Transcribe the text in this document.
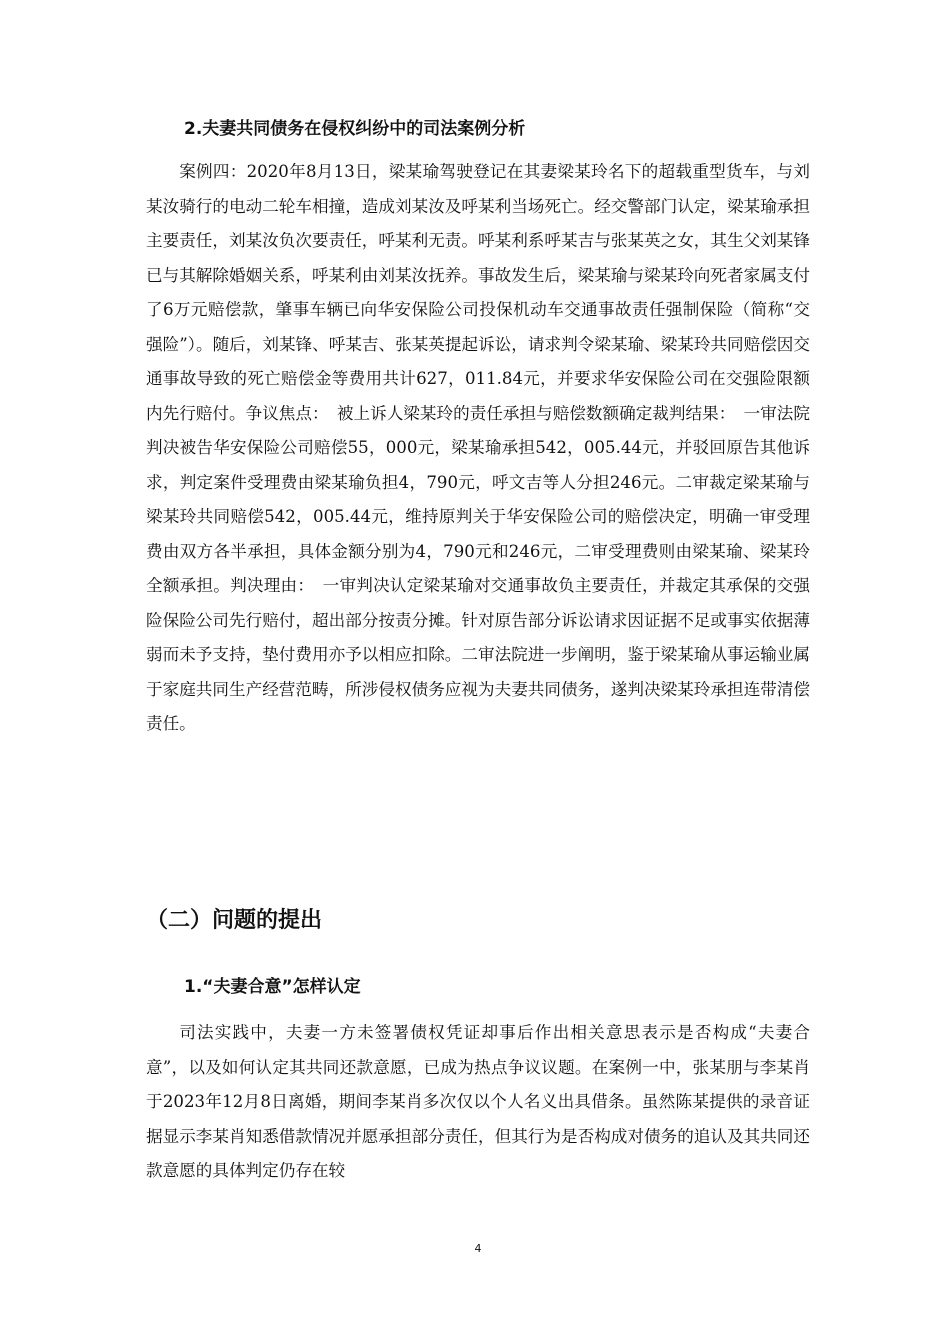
2.夫妻共同债务在侵权纠纷中的司法案例分析

案例四：2020年8月13日，梁某瑜驾驶登记在其妻梁某玲名下的超载重型货车，与刘某汝骑行的电动二轮车相撞，造成刘某汝及呼某利当场死亡。经交警部门认定，梁某瑜承担主要责任，刘某汝负次要责任，呼某利无责。呼某利系呼某吉与张某英之女，其生父刘某锋已与其解除婚姻关系，呼某利由刘某汝抚养。事故发生后，梁某瑜与梁某玲向死者家属支付了6万元赔偿款，肇事车辆已向华安保险公司投保机动车交通事故责任强制保险（简称“交强险”）。随后，刘某锋、呼某吉、张某英提起诉讼，请求判令梁某瑜、梁某玲共同赔偿因交通事故导致的死亡赔偿金等费用共计627，011.84元，并要求华安保险公司在交强险限额内先行赔付。争议焦点：　被上诉人梁某玲的责任承担与赔偿数额确定裁判结果：　一审法院判决被告华安保险公司赔偿55，000元，梁某瑜承担542，005.44元，并驳回原告其他诉求，判定案件受理费由梁某瑜负担4，790元，呼文吉等人分担246元。二审裁定梁某瑜与梁某玲共同赔偿542，005.44元，维持原判关于华安保险公司的赔偿决定，明确一审受理费由双方各半承担，具体金额分别为4，790元和246元，二审受理费则由梁某瑜、梁某玲全额承担。判决理由：　一审判决认定梁某瑜对交通事故负主要责任，并裁定其承保的交强险保险公司先行赔付，超出部分按责分摊。针对原告部分诉讼请求因证据不足或事实依据薄弱而未予支持，垫付费用亦予以相应扣除。二审法院进一步阐明，鉴于梁某瑜从事运输业属于家庭共同生产经营范畴，所涉侵权债务应视为夫妻共同债务，遂判决梁某玲承担连带清偿责任。

（二）问题的提出
1.“夫妻合意”怎样认定

司法实践中，夫妻一方未签署债权凭证却事后作出相关意思表示是否构成“夫妻合意”，以及如何认定其共同还款意愿，已成为热点争议议题。在案例一中，张某朋与李某肖于2023年12月8日离婚，期间李某肖多次仅以个人名义出具借条。虽然陈某提供的录音证据显示李某肖知悉借款情况并愿承担部分责任，但其行为是否构成对债务的追认及其共同还款意愿的具体判定仍存在较

4
